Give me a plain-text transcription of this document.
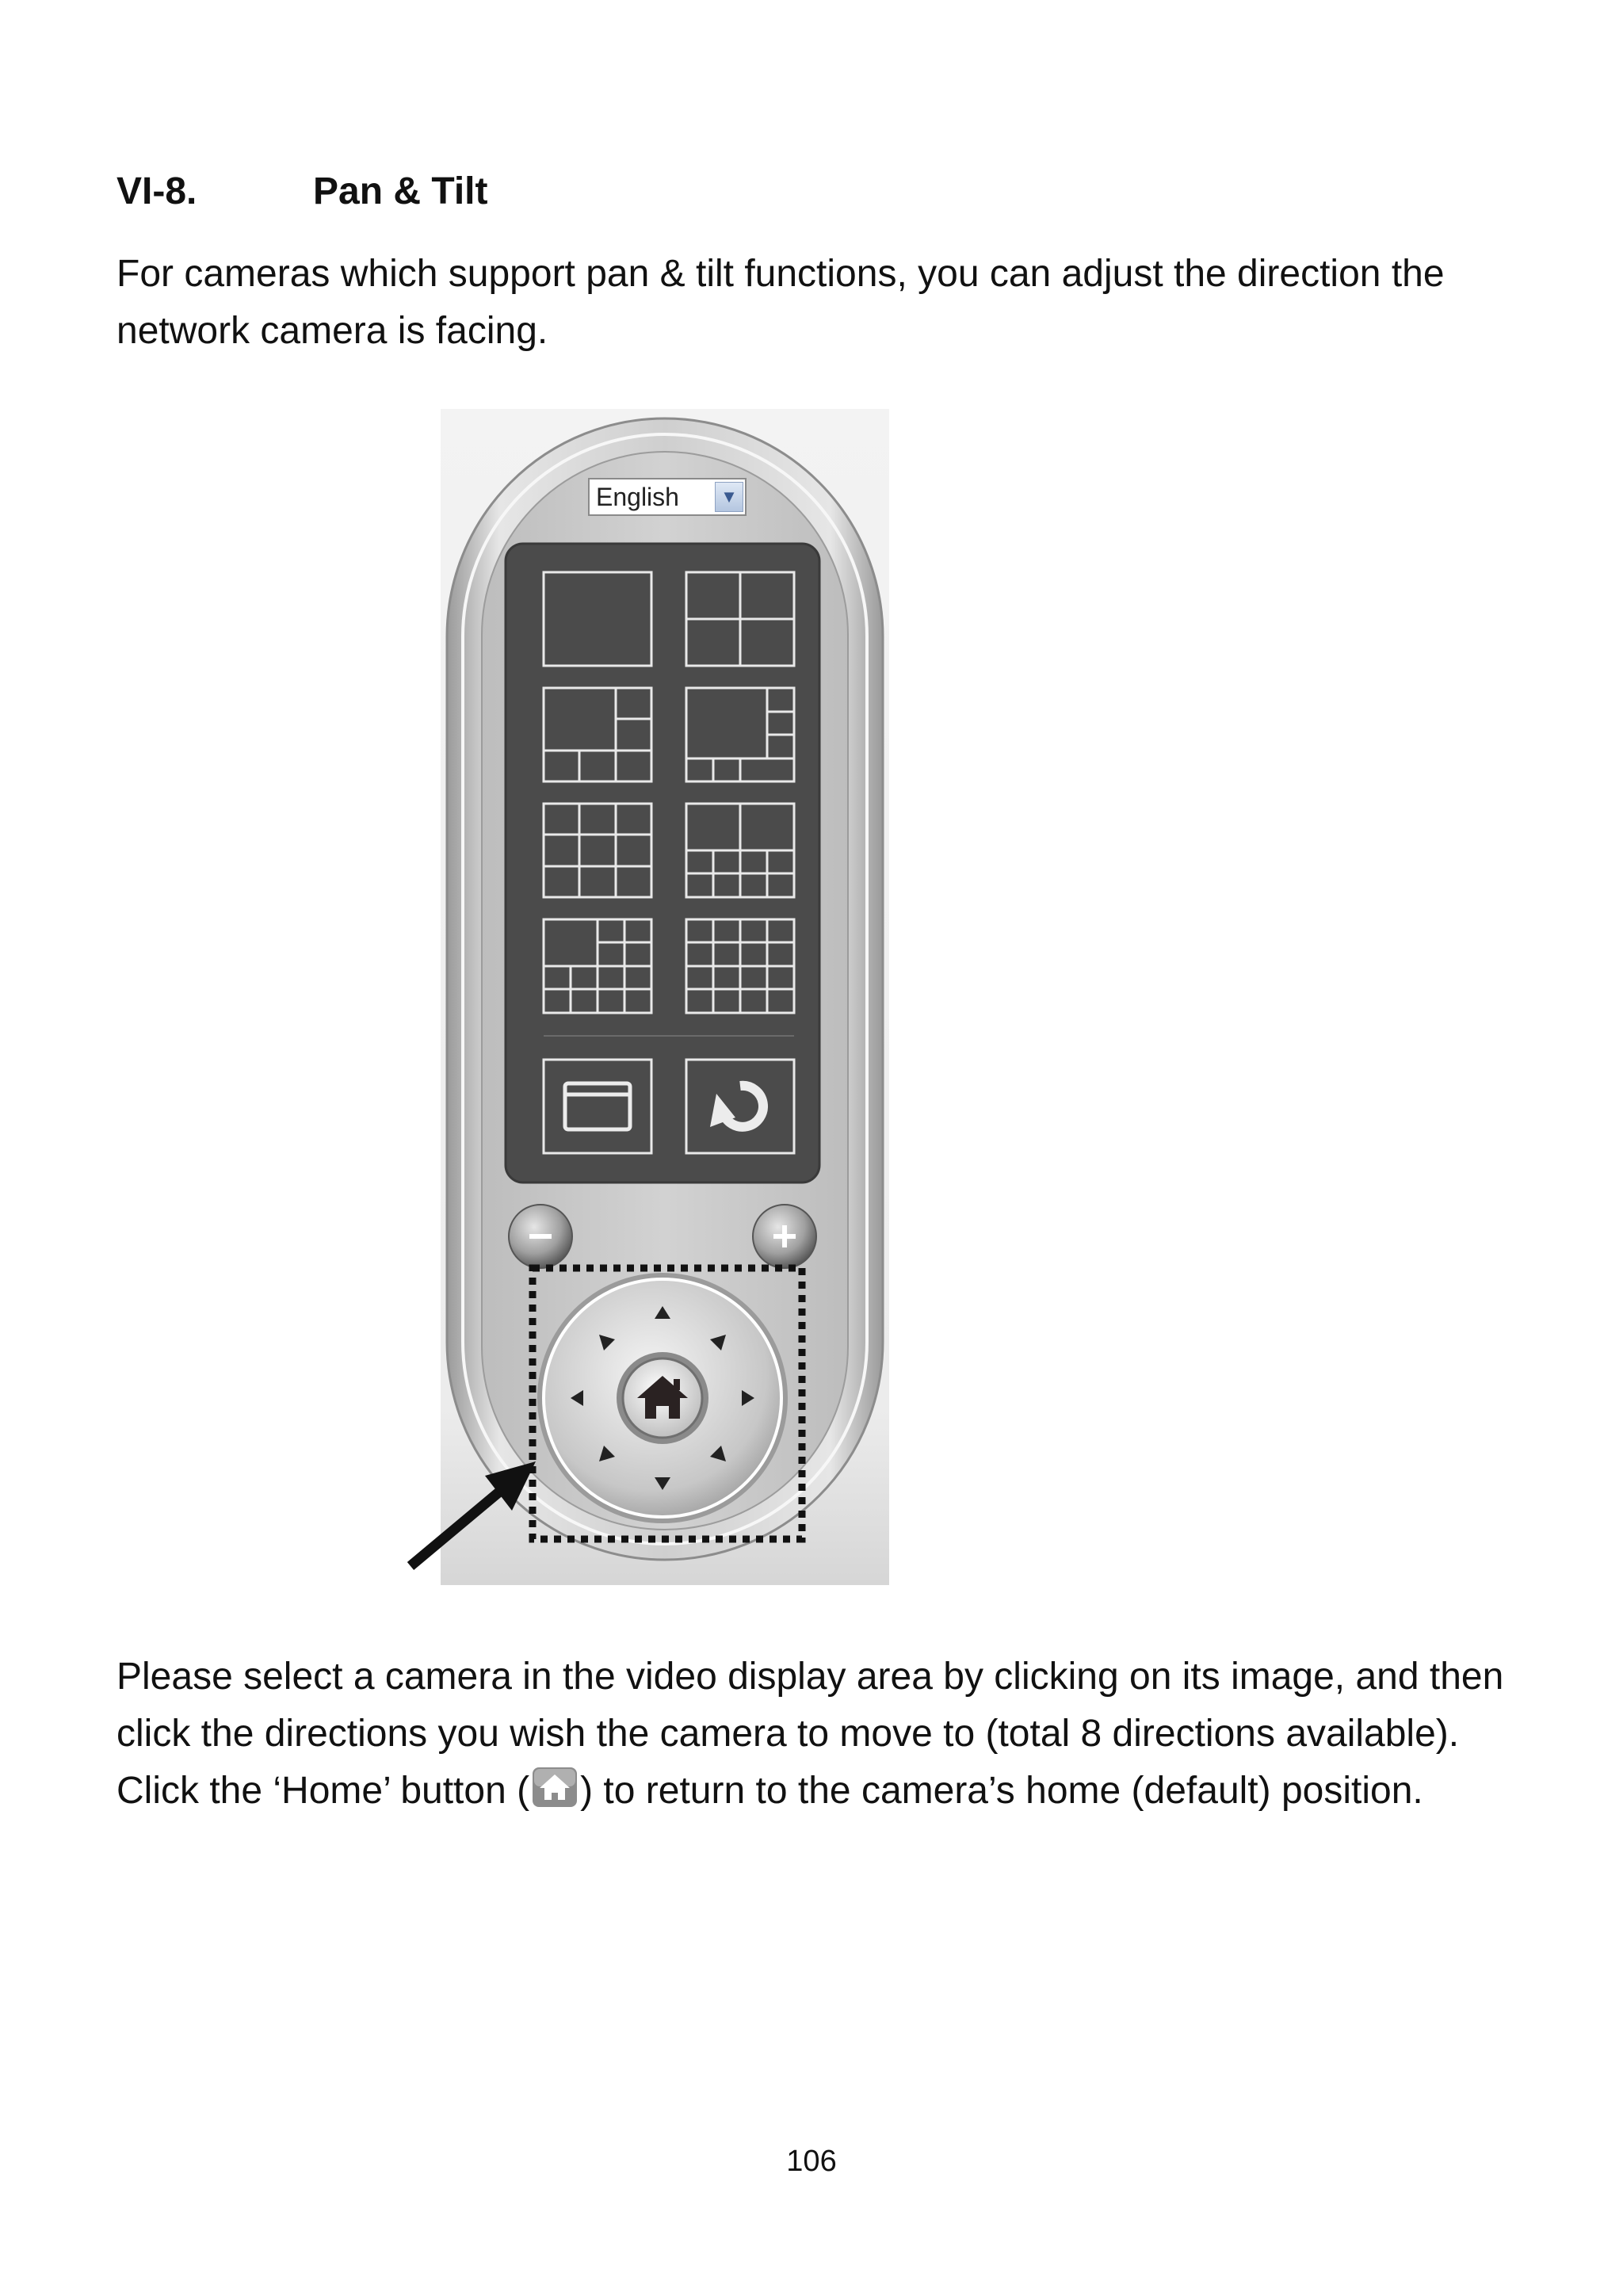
VI-8.	Pan & Tilt

For cameras which support pan & tilt functions, you can adjust the direction the network camera is facing.

English	▼

Please select a camera in the video display area by clicking on its image, and then click the directions you wish the camera to move to (total 8 directions available). Click the ‘Home’ button ( ) to return to the camera’s home (default) position.

106
